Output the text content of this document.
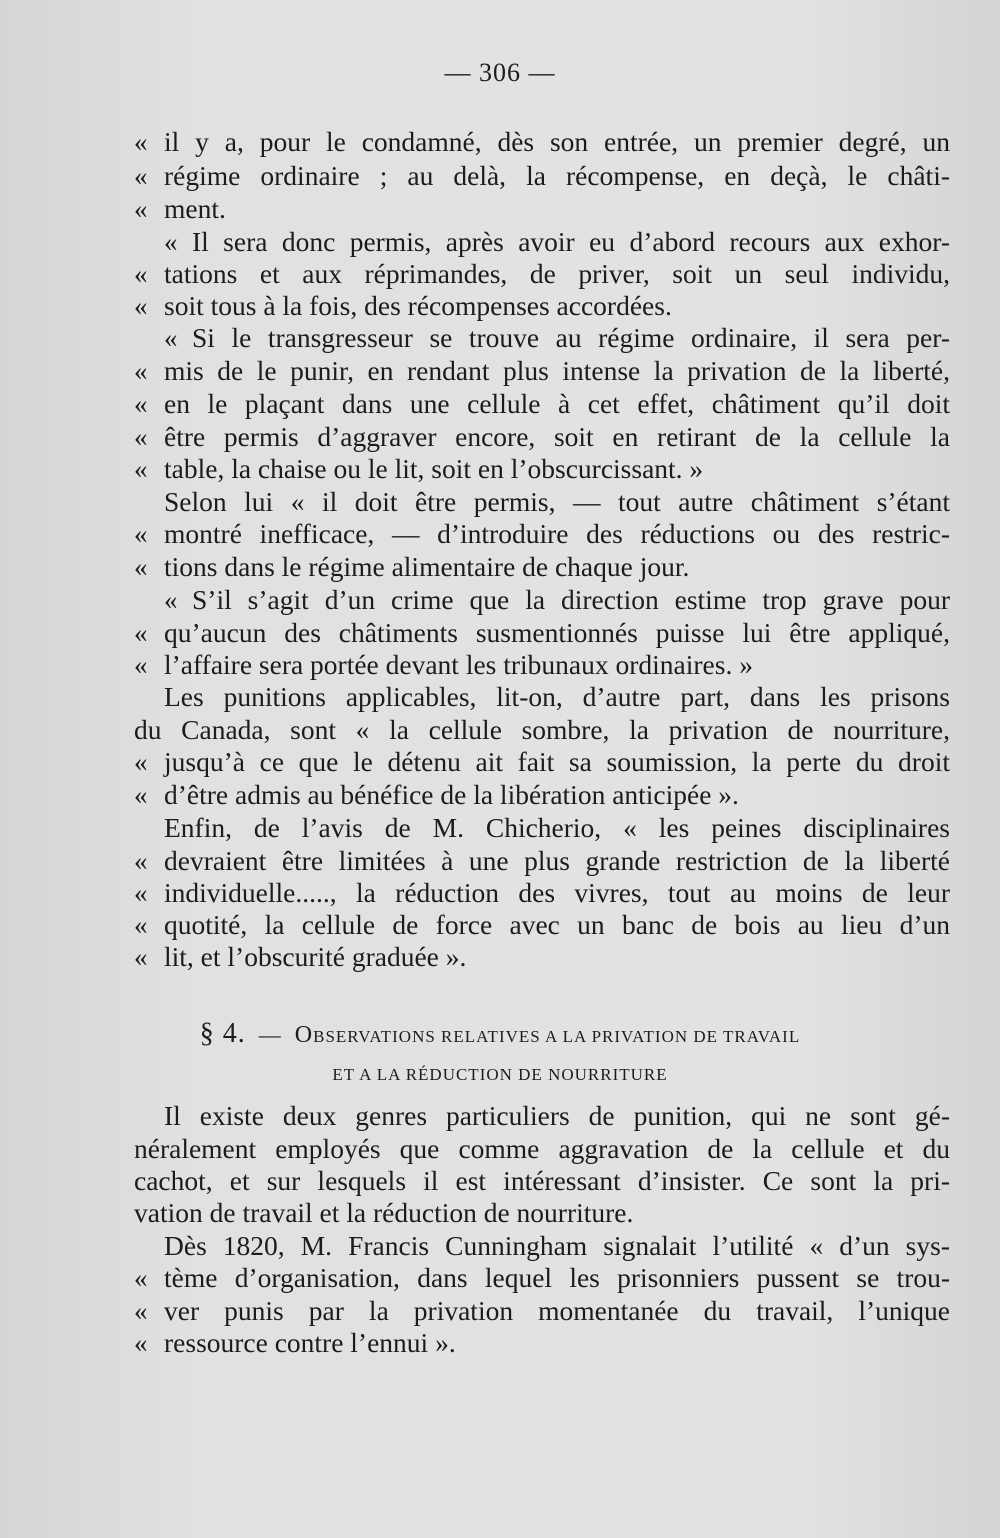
— 306 —
« il y a, pour le condamné, dès son entrée, un premier degré, un
« régime ordinaire ; au delà, la récompense, en deçà, le châti-
« ment.
« Il sera donc permis, après avoir eu d’abord recours aux exhor-
« tations et aux réprimandes, de priver, soit un seul individu,
« soit tous à la fois, des récompenses accordées.
« Si le transgresseur se trouve au régime ordinaire, il sera per-
« mis de le punir, en rendant plus intense la privation de la liberté,
« en le plaçant dans une cellule à cet effet, châtiment qu’il doit
« être permis d’aggraver encore, soit en retirant de la cellule la
« table, la chaise ou le lit, soit en l’obscurcissant. »
Selon lui « il doit être permis, — tout autre châtiment s’étant
« montré inefficace, — d’introduire des réductions ou des restric-
« tions dans le régime alimentaire de chaque jour.
« S’il s’agit d’un crime que la direction estime trop grave pour
« qu’aucun des châtiments susmentionnés puisse lui être appliqué,
« l’affaire sera portée devant les tribunaux ordinaires. »
Les punitions applicables, lit-on, d’autre part, dans les prisons
du Canada, sont « la cellule sombre, la privation de nourriture,
« jusqu’à ce que le détenu ait fait sa soumission, la perte du droit
« d’être admis au bénéfice de la libération anticipée ».
Enfin, de l’avis de M. Chicherio, « les peines disciplinaires
« devraient être limitées à une plus grande restriction de la liberté
« individuelle....., la réduction des vivres, tout au moins de leur
« quotité, la cellule de force avec un banc de bois au lieu d’un
« lit, et l’obscurité graduée ».
§ 4. — OBSERVATIONS RELATIVES A LA PRIVATION DE TRAVAIL
ET A LA RÉDUCTION DE NOURRITURE
Il existe deux genres particuliers de punition, qui ne sont gé-
néralement employés que comme aggravation de la cellule et du
cachot, et sur lesquels il est intéressant d’insister. Ce sont la pri-
vation de travail et la réduction de nourriture.
Dès 1820, M. Francis Cunningham signalait l’utilité « d’un sys-
« tème d’organisation, dans lequel les prisonniers pussent se trou-
« ver punis par la privation momentanée du travail, l’unique
« ressource contre l’ennui ».
